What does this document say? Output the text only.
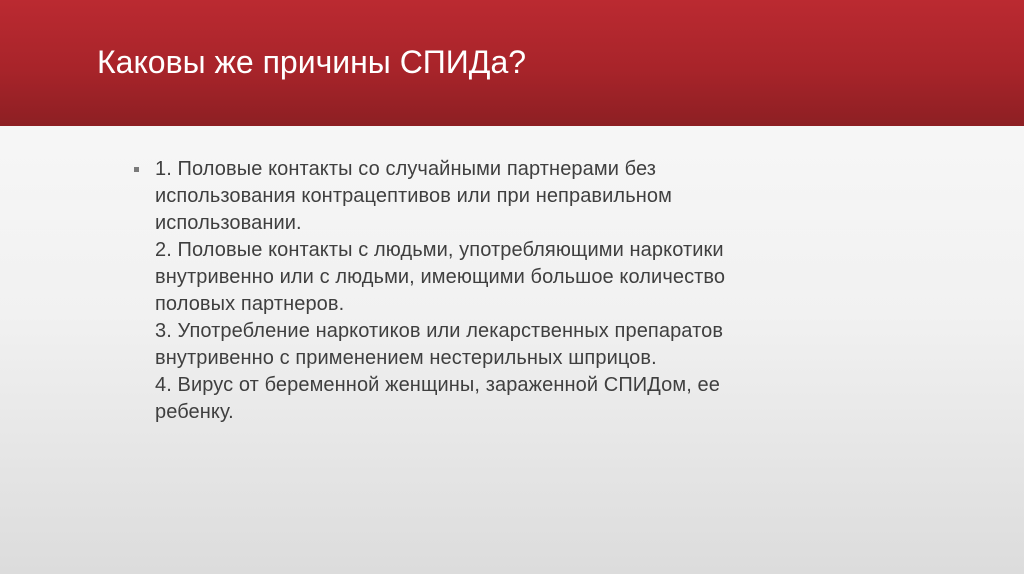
Каковы же причины СПИДа?
1. Половые контакты со случайными партнерами без
использования контрацептивов или при неправильном
использовании.
2. Половые контакты с людьми, употребляющими наркотики
внутривенно или с людьми, имеющими большое количество
половых партнеров.
3. Употребление наркотиков или лекарственных препаратов
внутривенно с применением нестерильных шприцов.
4. Вирус от беременной женщины, зараженной СПИДом, ее
ребенку.
